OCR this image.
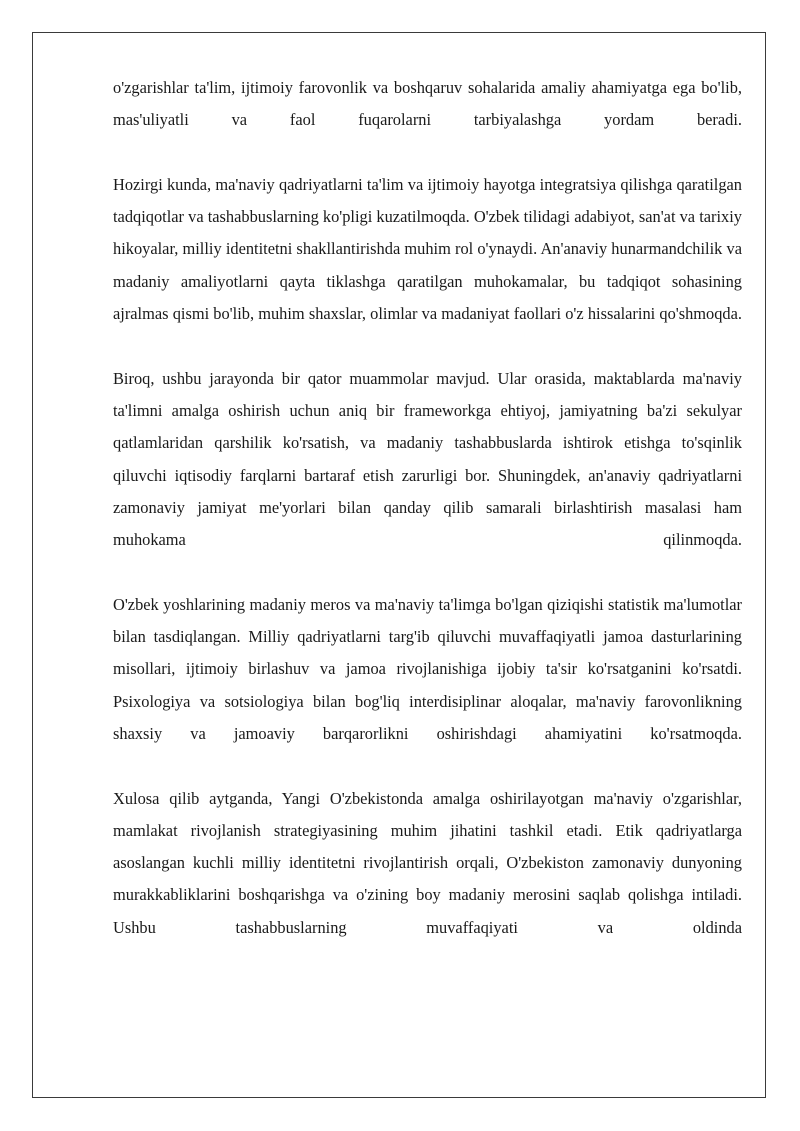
o'zgarishlar ta'lim, ijtimoiy farovonlik va boshqaruv sohalarida amaliy ahamiyatga ega bo'lib, mas'uliyatli va faol fuqarolarni tarbiyalashga yordam beradi.

Hozirgi kunda, ma'naviy qadriyatlarni ta'lim va ijtimoiy hayotga integratsiya qilishga qaratilgan tadqiqotlar va tashabbuslarning ko'pligi kuzatilmoqda. O'zbek tilidagi adabiyot, san'at va tarixiy hikoyalar, milliy identitetni shakllantirishda muhim rol o'ynaydi. An'anaviy hunarmandchilik va madaniy amaliyotlarni qayta tiklashga qaratilgan muhokamalar, bu tadqiqot sohasining ajralmas qismi bo'lib, muhim shaxslar, olimlar va madaniyat faollari o'z hissalarini qo'shmoqda.

Biroq, ushbu jarayonda bir qator muammolar mavjud. Ular orasida, maktablarda ma'naviy ta'limni amalga oshirish uchun aniq bir frameworkga ehtiyoj, jamiyatning ba'zi sekulyar qatlamlaridan qarshilik ko'rsatish, va madaniy tashabbuslarda ishtirok etishga to'sqinlik qiluvchi iqtisodiy farqlarni bartaraf etish zarurligi bor. Shuningdek, an'anaviy qadriyatlarni zamonaviy jamiyat me'yorlari bilan qanday qilib samarali birlashtirish masalasi ham muhokama qilinmoqda.

O'zbek yoshlarining madaniy meros va ma'naviy ta'limga bo'lgan qiziqishi statistik ma'lumotlar bilan tasdiqlangan. Milliy qadriyatlarni targ'ib qiluvchi muvaffaqiyatli jamoa dasturlarining misollari, ijtimoiy birlashuv va jamoa rivojlanishiga ijobiy ta'sir ko'rsatganini ko'rsatdi. Psixologiya va sotsiologiya bilan bog'liq interdisiplinar aloqalar, ma'naviy farovonlikning shaxsiy va jamoaviy barqarorlikni oshirishdagi ahamiyatini ko'rsatmoqda.

Xulosa qilib aytganda, Yangi O'zbekistonda amalga oshirilayotgan ma'naviy o'zgarishlar, mamlakat rivojlanish strategiyasining muhim jihatini tashkil etadi. Etik qadriyatlarga asoslangan kuchli milliy identitetni rivojlantirish orqali, O'zbekiston zamonaviy dunyoning murakkabliklarini boshqarishga va o'zining boy madaniy merosini saqlab qolishga intiladi. Ushbu tashabbuslarning muvaffaqiyati va oldinda
